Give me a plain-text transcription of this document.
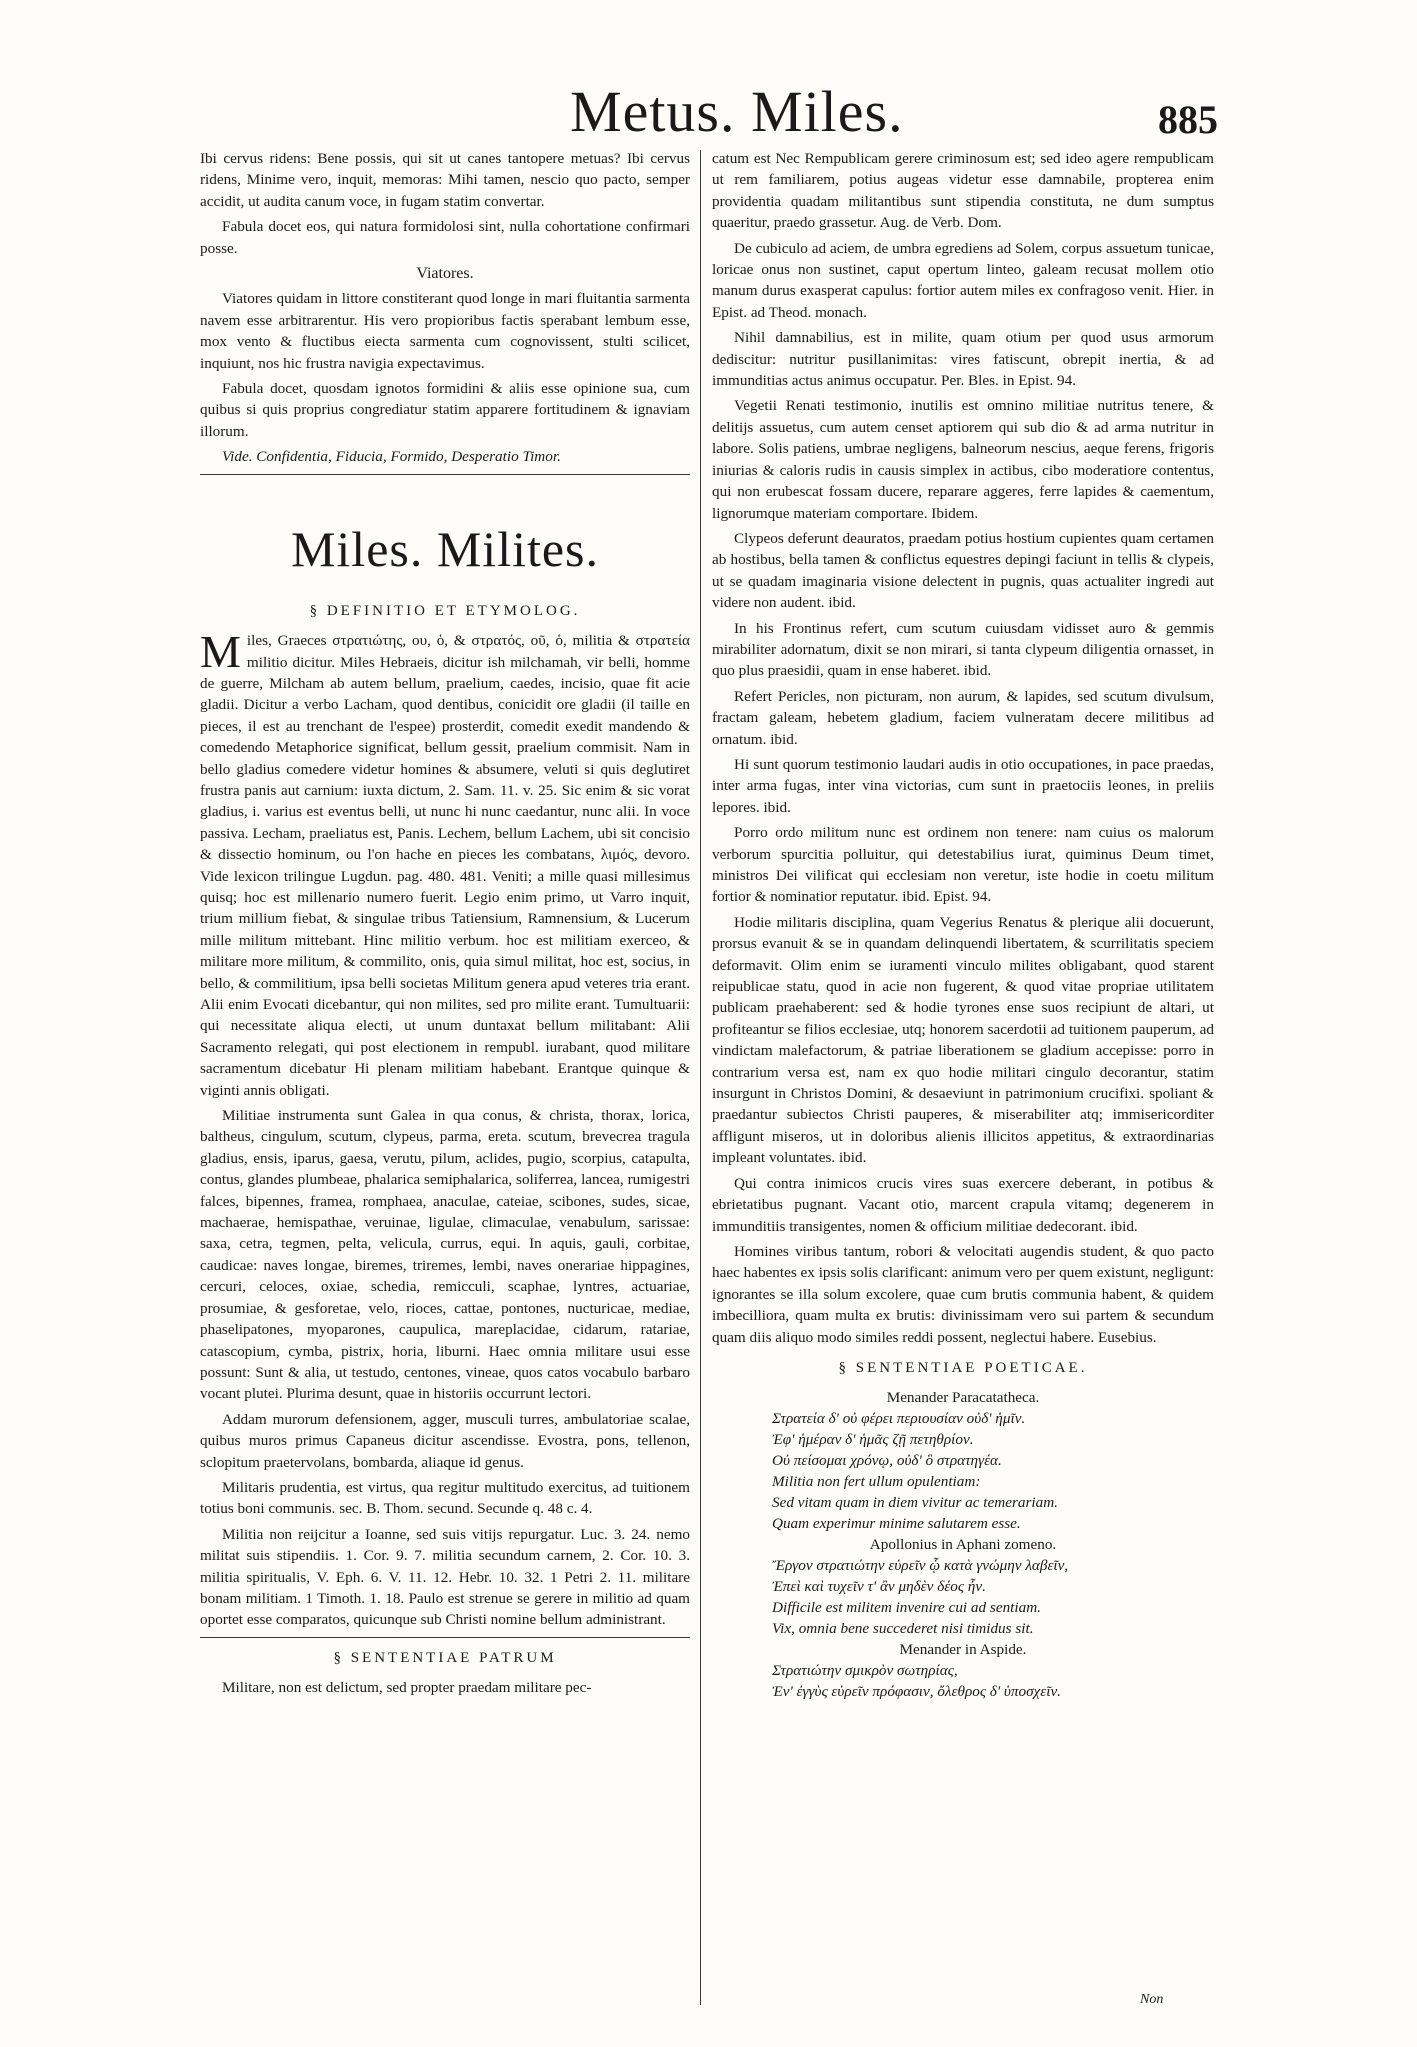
Metus. Miles.	885

Ibi cervus ridens: Bene possis, qui sit ut canes tantopere metuas? Ibi cervus ridens, Minime vero, inquit, memoras: Mihi tamen, nescio quo pacto, semper accidit, ut audita canum voce, in fugam statim convertar.

Fabula docet eos, qui natura formidolosi sint, nulla cohortatione confirmari posse.

Viatores.

Viatores quidam in littore constiterant quod longe in mari fluitantia sarmenta navem esse arbitrarentur. His vero propioribus factis sperabant lembum esse, mox vento & fluctibus eiecta sarmenta cum cognovissent, stulti scilicet, inquiunt, nos hic frustra navigia expectavimus.

Fabula docet, quosdam ignotos formidini & aliis esse opinione sua, cum quibus si quis proprius congrediatur statim apparere fortitudinem & ignaviam illorum.

Vide. Confidentia, Fiducia, Formido, Desperatio Timor.

Miles. Milites.
§ DEFINITIO ET ETYMOLOG.

Miles, Graeces στρατιώτης, ου, ὁ, & στρατός, οῦ, ὁ, militia & στρατεία militio dicitur. Miles Hebraeis, dicitur ish milchamah, vir belli, homme de guerre, Milcham ab autem bellum, praelium, caedes, incisio, quae fit acie gladii. Dicitur a verbo Lacham, quod dentibus, conicidit ore gladii (il taille en pieces, il est au trenchant de l'espee) prosterdit, comedit exedit mandendo & comedendo Metaphorice significat, bellum gessit, praelium commisit. Nam in bello gladius comedere videtur homines & absumere, veluti si quis deglutiret frustra panis aut carnium: iuxta dictum, 2. Sam. 11. v. 25. Sic enim & sic vorat gladius, i. varius est eventus belli, ut nunc hi nunc caedantur, nunc alii. In voce passiva. Lecham, praeliatus est, Panis. Lechem, bellum Lachem, ubi sit concisio & dissectio hominum, ou l'on hache en pieces les combatans, λιμός, devoro. Vide lexicon trilingue Lugdun. pag. 480. 481. Veniti; a mille quasi millesimus quisq; hoc est millenario numero fuerit. Legio enim primo, ut Varro inquit, trium millium fiebat, & singulae tribus Tatiensium, Ramnensium, & Lucerum mille militum mittebant. Hinc militio verbum. hoc est militiam exerceo, & militare more militum, & commilito, onis, quia simul militat, hoc est, socius, in bello, & commilitium, ipsa belli societas Militum genera apud veteres tria erant. Alii enim Evocati dicebantur, qui non milites, sed pro milite erant. Tumultuarii: qui necessitate aliqua electi, ut unum duntaxat bellum militabant: Alii Sacramento relegati, qui post electionem in rempubl. iurabant, quod militare sacramentum dicebatur Hi plenam militiam habebant. Erantque quinque & viginti annis obligati.

Militiae instrumenta sunt Galea in qua conus, & christa, thorax, lorica, baltheus, cingulum, scutum, clypeus, parma, ereta. scutum, brevecrea tragula gladius, ensis, iparus, gaesa, verutu, pilum, aclides, pugio, scorpius, catapulta, contus, glandes plumbeae, phalarica semiphalarica, soliferrea, lancea, rumigestri falces, bipennes, framea, romphaea, anaculae, cateiae, scibones, sudes, sicae, machaerae, hemispathae, veruinae, ligulae, climaculae, venabulum, sarissae: saxa, cetra, tegmen, pelta, velicula, currus, equi. In aquis, gauli, corbitae, caudicae: naves longae, biremes, triremes, lembi, naves onerariae hippagines, cercuri, celoces, oxiae, schedia, remicculi, scaphae, lyntres, actuariae, prosumiae, & gesforetae, velo, rioces, cattae, pontones, nucturicae, mediae, phaselipatones, myoparones, caupulica, mareplacidae, cidarum, ratariae, catascopium, cymba, pistrix, horia, liburni. Haec omnia militare usui esse possunt: Sunt & alia, ut testudo, centones, vineae, quos catos vocabulo barbaro vocant plutei. Plurima desunt, quae in historiis occurrunt lectori.

Addam murorum defensionem, agger, musculi turres, ambulatoriae scalae, quibus muros primus Capaneus dicitur ascendisse. Evostra, pons, tellenon, sclopitum praetervolans, bombarda, aliaque id genus.

Militaris prudentia, est virtus, qua regitur multitudo exercitus, ad tuitionem totius boni communis. sec. B. Thom. secund. Secunde q. 48 c. 4.

Militia non reijcitur a Ioanne, sed suis vitijs repurgatur. Luc. 3. 24. nemo militat suis stipendiis. 1. Cor. 9. 7. militia secundum carnem, 2. Cor. 10. 3. militia spiritualis, V. Eph. 6. V. 11. 12. Hebr. 10. 32. 1 Petri 2. 11. militare bonam militiam. 1 Timoth. 1. 18. Paulo est strenue se gerere in militio ad quam oportet esse comparatos, quicunque sub Christi nomine bellum administrant.

§ SENTENTIAE PATRUM

Militare, non est delictum, sed propter praedam militare pec-

catum est Nec Rempublicam gerere criminosum est; sed ideo agere rempublicam ut rem familiarem, potius augeas videtur esse damnabile, propterea enim providentia quadam militantibus sunt stipendia constituta, ne dum sumptus quaeritur, praedo grassetur. Aug. de Verb. Dom.

De cubiculo ad aciem, de umbra egrediens ad Solem, corpus assuetum tunicae, loricae onus non sustinet, caput opertum linteo, galeam recusat mollem otio manum durus exasperat capulus: fortior autem miles ex confragoso venit. Hier. in Epist. ad Theod. monach.

Nihil damnabilius, est in milite, quam otium per quod usus armorum dediscitur: nutritur pusillanimitas: vires fatiscunt, obrepit inertia, & ad immunditias actus animus occupatur. Per. Bles. in Epist. 94.

Vegetii Renati testimonio, inutilis est omnino militiae nutritus tenere, & delitijs assuetus, cum autem censet aptiorem qui sub dio & ad arma nutritur in labore. Solis patiens, umbrae negligens, balneorum nescius, aeque ferens, frigoris iniurias & caloris rudis in causis simplex in actibus, cibo moderatiore contentus, qui non erubescat fossam ducere, reparare aggeres, ferre lapides & caementum, lignorumque materiam comportare. Ibidem.

Clypeos deferunt deauratos, praedam potius hostium cupientes quam certamen ab hostibus, bella tamen & conflictus equestres depingi faciunt in tellis & clypeis, ut se quadam imaginaria visione delectent in pugnis, quas actualiter ingredi aut videre non audent. ibid.

In his Frontinus refert, cum scutum cuiusdam vidisset auro & gemmis mirabiliter adornatum, dixit se non mirari, si tanta clypeum diligentia ornasset, in quo plus praesidii, quam in ense haberet. ibid.

Refert Pericles, non picturam, non aurum, & lapides, sed scutum divulsum, fractam galeam, hebetem gladium, faciem vulneratam decere militibus ad ornatum. ibid.

Hi sunt quorum testimonio laudari audis in otio occupationes, in pace praedas, inter arma fugas, inter vina victorias, cum sunt in praetociis leones, in preliis lepores. ibid.

Porro ordo militum nunc est ordinem non tenere: nam cuius os malorum verborum spurcitia polluitur, qui detestabilius iurat, quiminus Deum timet, ministros Dei vilificat qui ecclesiam non veretur, iste hodie in coetu militum fortior & nominatior reputatur. ibid. Epist. 94.

Hodie militaris disciplina, quam Vegerius Renatus & plerique alii docuerunt, prorsus evanuit & se in quandam delinquendi libertatem, & scurrilitatis speciem deformavit. Olim enim se iuramenti vinculo milites obligabant, quod starent reipublicae statu, quod in acie non fugerent, & quod vitae propriae utilitatem publicam praehaberent: sed & hodie tyrones ense suos recipiunt de altari, ut profiteantur se filios ecclesiae, utq; honorem sacerdotii ad tuitionem pauperum, ad vindictam malefactorum, & patriae liberationem se gladium accepisse: porro in contrarium versa est, nam ex quo hodie militari cingulo decorantur, statim insurgunt in Christos Domini, & desaeviunt in patrimonium crucifixi. spoliant & praedantur subiectos Christi pauperes, & miserabiliter atq; immisericorditer affligunt miseros, ut in doloribus alienis illicitos appetitus, & extraordinarias impleant voluntates. ibid.

Qui contra inimicos crucis vires suas exercere deberant, in potibus & ebrietatibus pugnant. Vacant otio, marcent crapula vitamq; degenerem in immunditiis transigentes, nomen & officium militiae dedecorant. ibid.

Homines viribus tantum, robori & velocitati augendis student, & quo pacto haec habentes ex ipsis solis clarificant: animum vero per quem existunt, negligunt: ignorantes se illa solum excolere, quae cum brutis communia habent, & quidem imbecilliora, quam multa ex brutis: divinissimam vero sui partem & secundum quam diis aliquo modo similes reddi possent, neglectui habere. Eusebius.

§ SENTENTIAE POETICAE.
Menander Paracatatheca.
Στρατεία δ' οὐ φέρει περιουσίαν οὐδ' ἡμῖν.
Ἐφ' ἡμέραν δ' ἡμᾶς ζῇ πετηθρίον.
Οὐ πείσομαι χρόνῳ, οὐδ' ὃ στρατηγέα.
Militia non fert ullum opulentiam:
Sed vitam quam in diem vivitur ac temerariam.
Quam experimur minime salutarem esse.
Apollonius in Aphani zomeno.
Ἔργον στρατιώτην εὑρεῖν ᾧ κατὰ γνώμην λαβεῖν,
Ἐπεὶ καὶ τυχεῖν τ' ἂν μηδὲν δέος ἦν.
Difficile est militem invenire cui ad sentiam.
Vix, omnia bene succederet nisi timidus sit.
Menander in Aspide.
Στρατιώτην σμικρὸν σωτηρίας,
Ἐν' ἐγγὺς εὑρεῖν πρόφασιν, ὄλεθρος δ' ὑποσχεῖν.
Non
